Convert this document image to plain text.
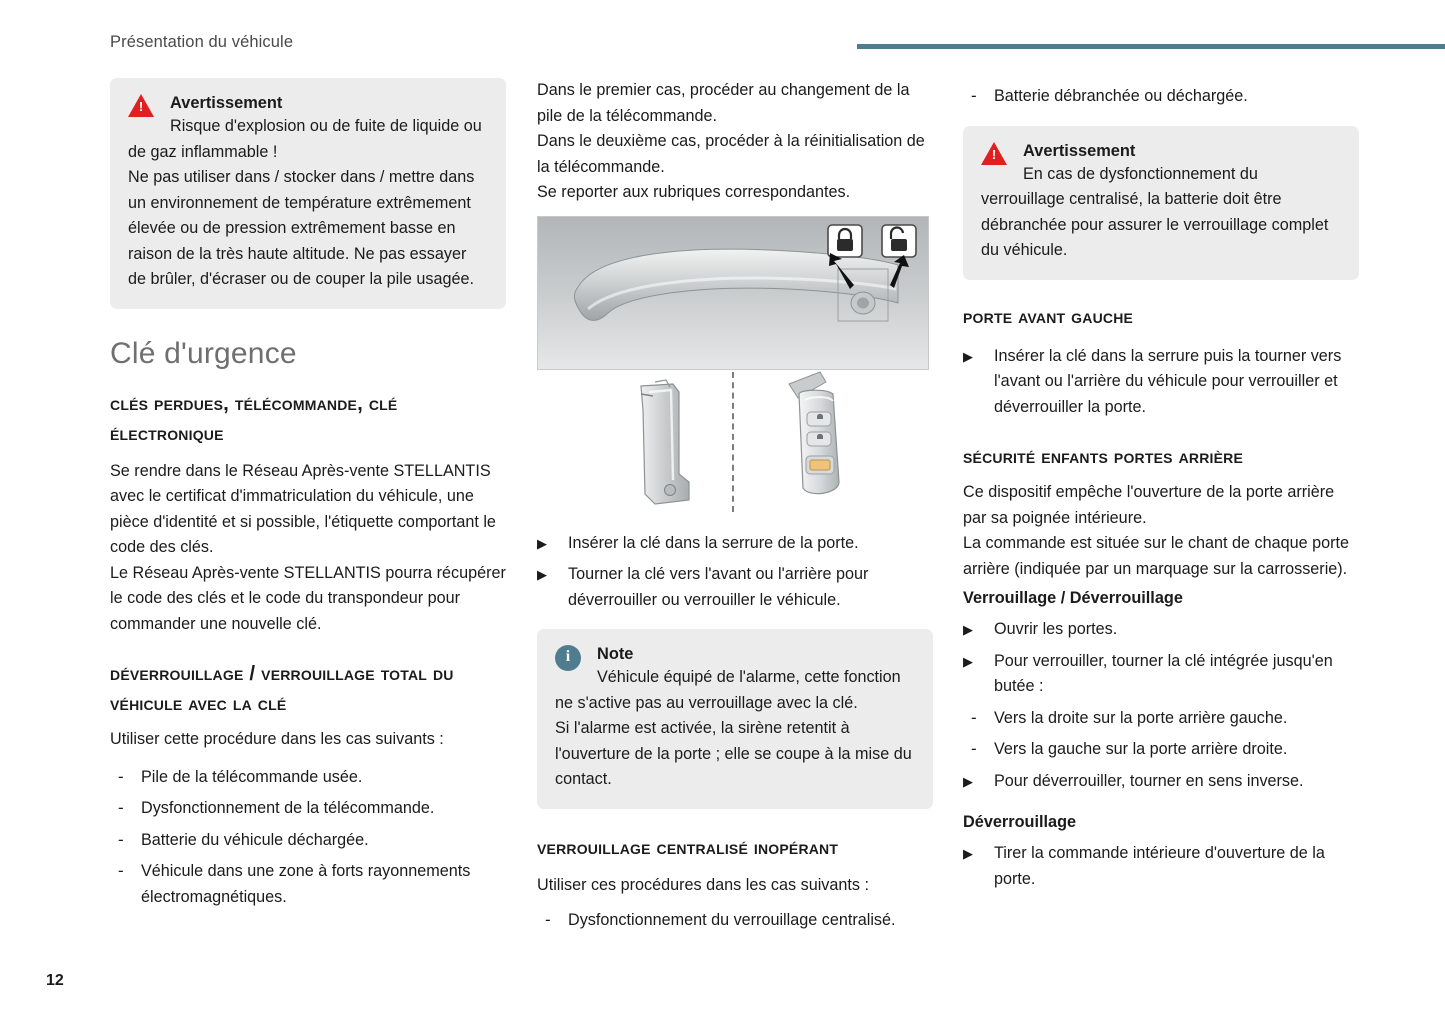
Présentation du véhicule
!
Avertissement
Risque d'explosion ou de fuite de liquide ou de gaz inflammable !
Ne pas utiliser dans / stocker dans / mettre dans un environnement de température extrêmement élevée ou de pression extrêmement basse en raison de la très haute altitude. Ne pas essayer de brûler, d'écraser ou de couper la pile usagée.
Clé d'urgence
clés perdues, télécommande, clé électronique

Se rendre dans le Réseau Après-vente STELLANTIS avec le certificat d'immatriculation du véhicule, une pièce d'identité et si possible, l'étiquette comportant le code des clés.

Le Réseau Après-vente STELLANTIS pourra récupérer le code des clés et le code du transpondeur pour commander une nouvelle clé.

déverrouillage / verrouillage total du véhicule avec la clé

Utiliser cette procédure dans les cas suivants :

- Pile de la télécommande usée.
- Dysfonctionnement de la télécommande.
- Batterie du véhicule déchargée.
- Véhicule dans une zone à forts rayonnements électromagnétiques.

Dans le premier cas, procéder au changement de la pile de la télécommande.

Dans le deuxième cas, procéder à la réinitialisation de la télécommande.

Se reporter aux rubriques correspondantes.

▶ Insérer la clé dans la serrure de la porte.
▶ Tourner la clé vers l'avant ou l'arrière pour déverrouiller ou verrouiller le véhicule.
i
Note
Véhicule équipé de l'alarme, cette fonction ne s'active pas au verrouillage avec la clé.
Si l'alarme est activée, la sirène retentit à l'ouverture de la porte ; elle se coupe à la mise du contact.
verrouillage centralisé inopérant

Utiliser ces procédures dans les cas suivants :

- Dysfonctionnement du verrouillage centralisé.
- Batterie débranchée ou déchargée.
!
Avertissement
En cas de dysfonctionnement du verrouillage centralisé, la batterie doit être débranchée pour assurer le verrouillage complet du véhicule.
porte avant gauche
▶ Insérer la clé dans la serrure puis la tourner vers l'avant ou l'arrière du véhicule pour verrouiller et déverrouiller la porte.
sécurité enfants portes arrière

Ce dispositif empêche l'ouverture de la porte arrière par sa poignée intérieure.

La commande est située sur le chant de chaque porte arrière (indiquée par un marquage sur la carrosserie).

Verrouillage / Déverrouillage
▶ Ouvrir les portes.
▶ Pour verrouiller, tourner la clé intégrée jusqu'en butée :
- Vers la droite sur la porte arrière gauche.
- Vers la gauche sur la porte arrière droite.
▶ Pour déverrouiller, tourner en sens inverse.
Déverrouillage
▶ Tirer la commande intérieure d'ouverture de la porte.
12
